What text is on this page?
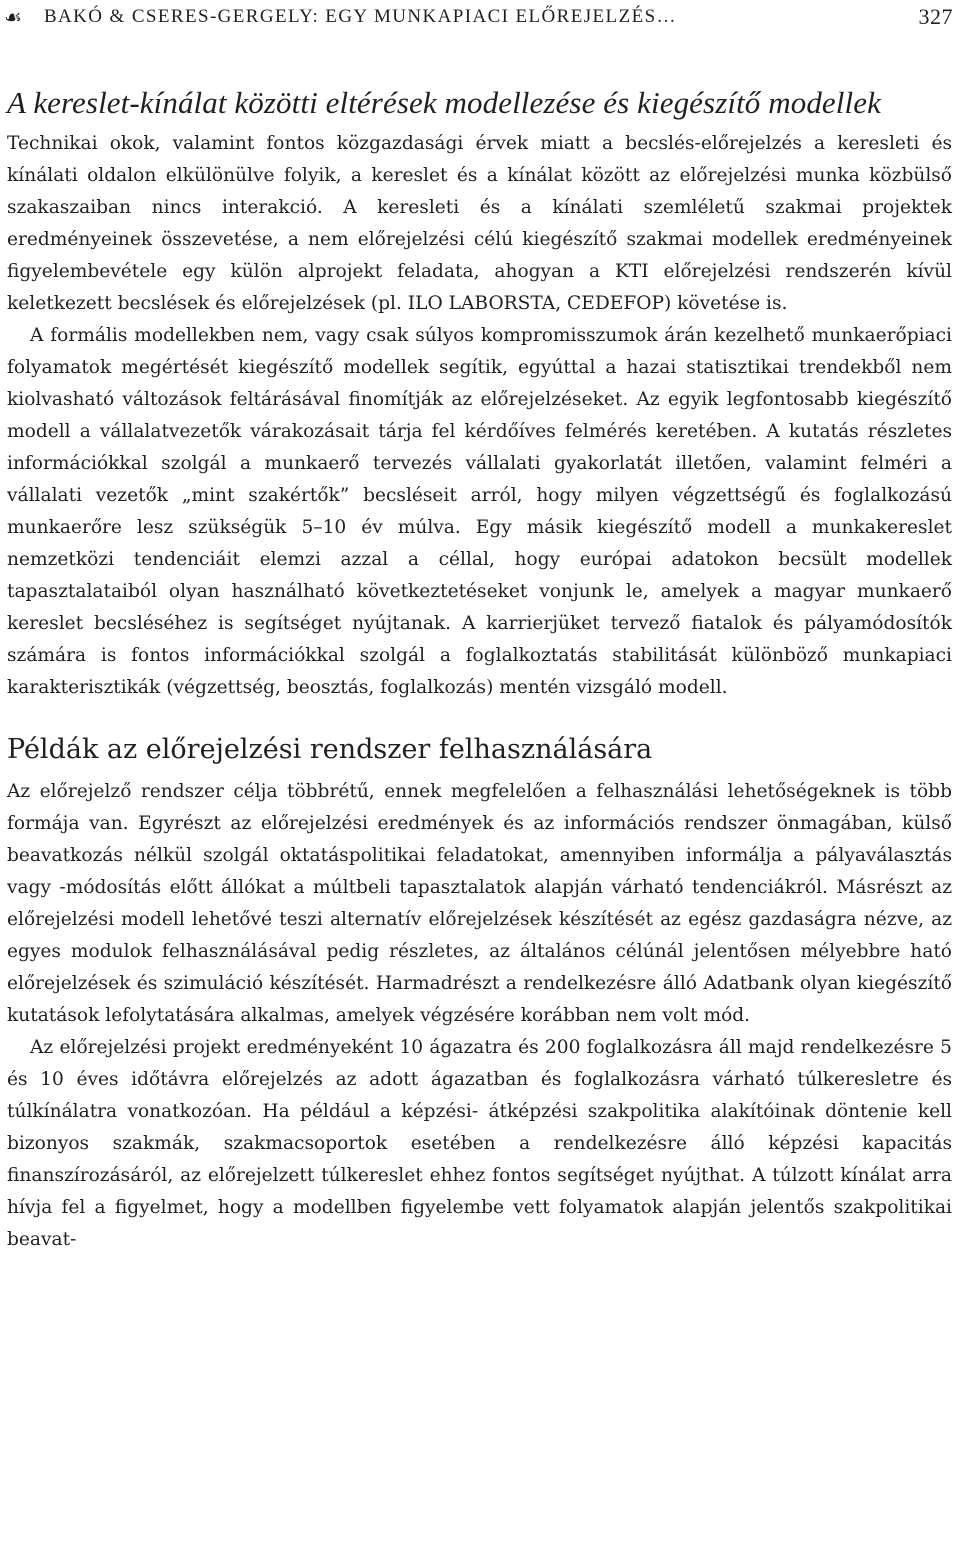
☙ BAKÓ & CSERES-GERGELY: EGY MUNKAPIACI ELŐREJELZÉS…	327
A kereslet-kínálat közötti eltérések modellezése és kiegészítő modellek

Technikai okok, valamint fontos közgazdasági érvek miatt a becslés-előrejelzés a keresleti és kínálati oldalon elkülönülve folyik, a kereslet és a kínálat között az előrejelzési munka közbülső szakaszaiban nincs interakció. A keresleti és a kínálati szemléletű szakmai projektek eredményeinek összevetése, a nem előrejelzési célú kiegészítő szakmai modellek eredményeinek figyelembevétele egy külön alprojekt feladata, ahogyan a KTI előrejelzési rendszerén kívül keletkezett becslések és előrejelzések (pl. ILO LABORSTA, CEDEFOP) követése is.

A formális modellekben nem, vagy csak súlyos kompromisszumok árán kezelhető munkaerőpiaci folyamatok megértését kiegészítő modellek segítik, egyúttal a hazai statisztikai trendekből nem kiolvasható változások feltárásával finomítják az előrejelzéseket. Az egyik legfontosabb kiegészítő modell a vállalatvezetők várakozásait tárja fel kérdőíves felmérés keretében. A kutatás részletes információkkal szolgál a munkaerő tervezés vállalati gyakorlatát illetően, valamint felméri a vállalati vezetők „mint szakértők” becsléseit arról, hogy milyen végzettségű és foglalkozású munkaerőre lesz szükségük 5–10 év múlva. Egy másik kiegészítő modell a munkakereslet nemzetközi tendenciáit elemzi azzal a céllal, hogy európai adatokon becsült modellek tapasztalataiból olyan használható következtetéseket vonjunk le, amelyek a magyar munkaerő kereslet becsléséhez is segítséget nyújtanak. A karrierjüket tervező fiatalok és pályamódosítók számára is fontos információkkal szolgál a foglalkoztatás stabilitását különböző munkapiaci karakterisztikák (végzettség, beosztás, foglalkozás) mentén vizsgáló modell.

Példák az előrejelzési rendszer felhasználására

Az előrejelző rendszer célja többrétű, ennek megfelelően a felhasználási lehetőségeknek is több formája van. Egyrészt az előrejelzési eredmények és az információs rendszer önmagában, külső beavatkozás nélkül szolgál oktatáspolitikai feladatokat, amennyiben informálja a pályaválasztás vagy -módosítás előtt állókat a múltbeli tapasztalatok alapján várható tendenciákról. Másrészt az előrejelzési modell lehetővé teszi alternatív előrejelzések készítését az egész gazdaságra nézve, az egyes modulok felhasználásával pedig részletes, az általános célúnál jelentősen mélyebbre ható előrejelzések és szimuláció készítését. Harmadrészt a rendelkezésre álló Adatbank olyan kiegészítő kutatások lefolytatására alkalmas, amelyek végzésére korábban nem volt mód.

Az előrejelzési projekt eredményeként 10 ágazatra és 200 foglalkozásra áll majd rendelkezésre 5 és 10 éves időtávra előrejelzés az adott ágazatban és foglalkozásra várható túlkeresletre és túlkínálatra vonatkozóan. Ha például a képzési- átképzési szakpolitika alakítóinak döntenie kell bizonyos szakmák, szakmacsoportok esetében a rendelkezésre álló képzési kapacitás finanszírozásáról, az előrejelzett túlkereslet ehhez fontos segítséget nyújthat. A túlzott kínálat arra hívja fel a figyelmet, hogy a modellben figyelembe vett folyamatok alapján jelentős szakpolitikai beavat-
